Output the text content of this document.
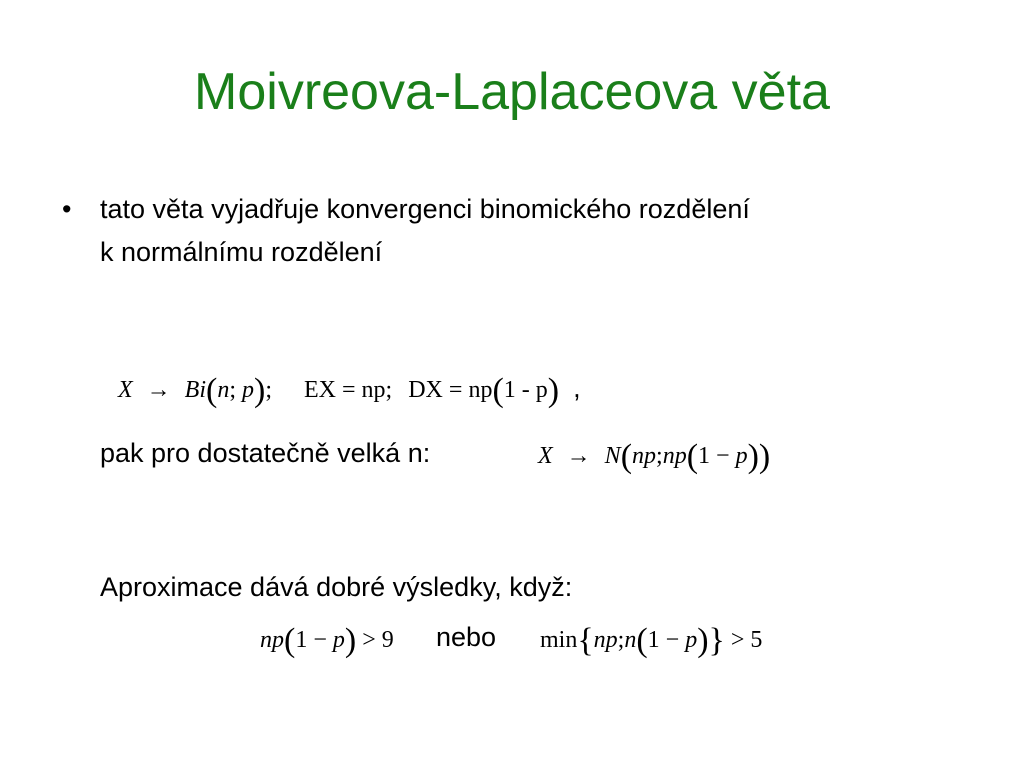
Moivreova-Laplaceova věta
• tato věta vyjadřuje konvergenci binomického rozdělení
k normálnímu rozdělení
X → Bi(n; p); EX = np; DX = np(1 - p) ,
pak pro dostatečně velká n:	X → N(np;np(1 − p))
Aproximace dává dobré výsledky, když:
np(1 − p) > 9 nebo min{np;n(1 − p)} > 5
